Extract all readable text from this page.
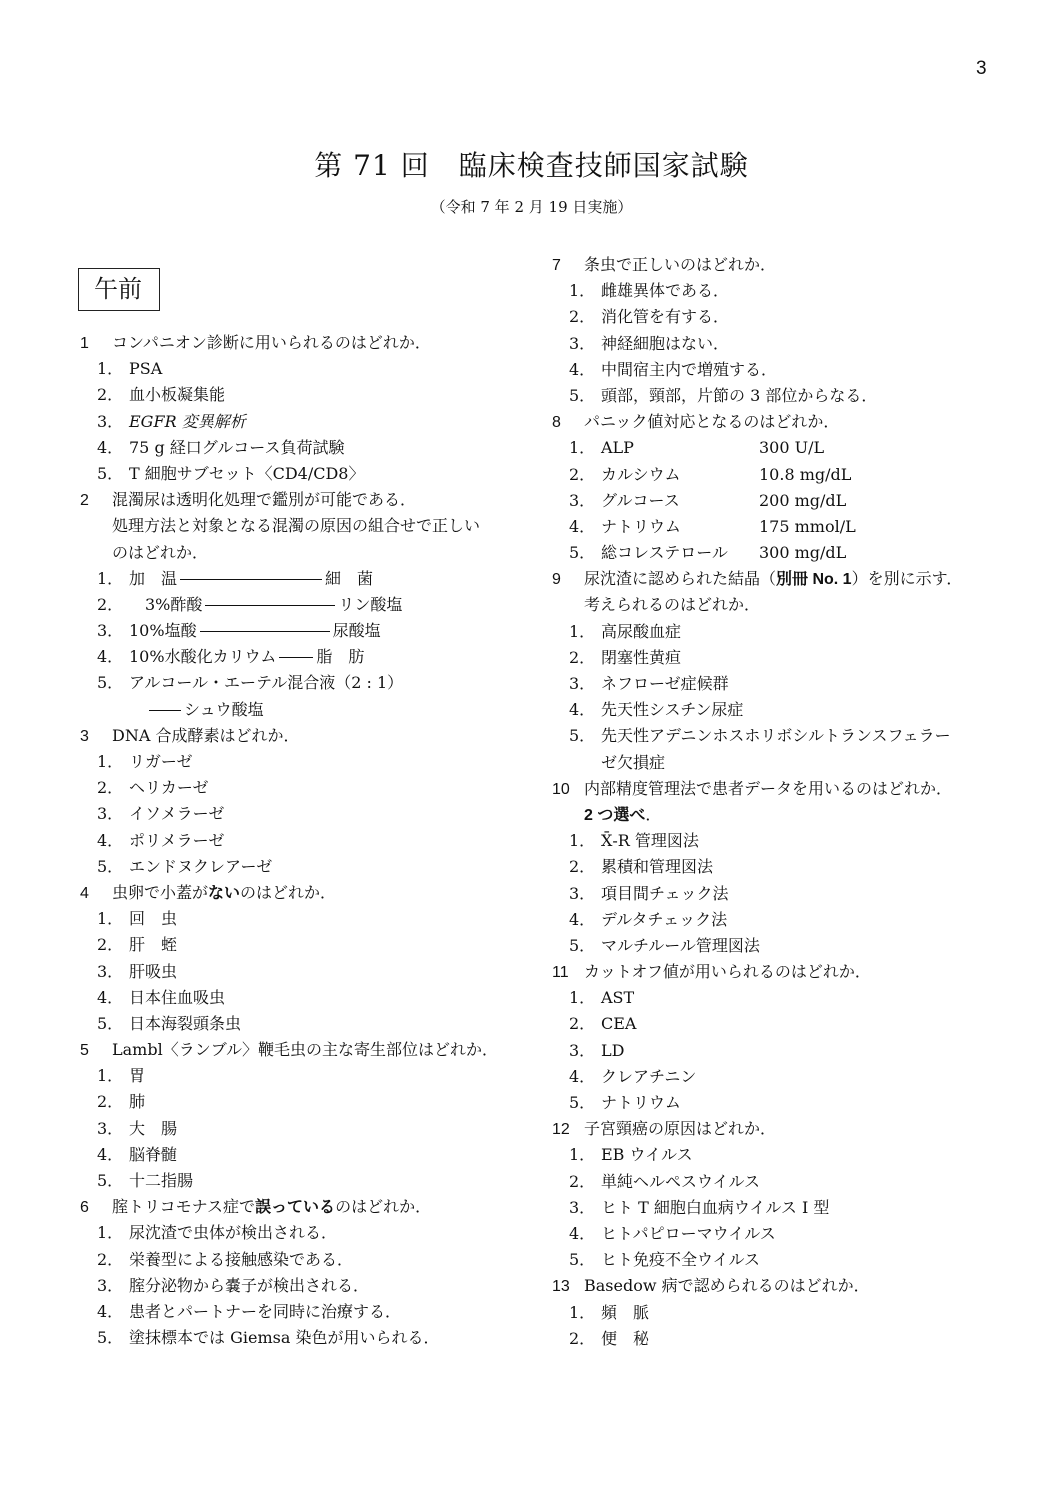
3
第 71 回　臨床検査技師国家試験
（令和 7 年 2 月 19 日実施）
午前
1 コンパニオン診断に用いられるのはどれか．
1． PSA
2． 血小板凝集能
3． EGFR 変異解析
4． 75 g 経口グルコース負荷試験
5． T 細胞サブセット〈CD4/CD8〉
2 混濁尿は透明化処理で鑑別が可能である．
処理方法と対象となる混濁の原因の組合せで正しい
のはどれか．
1． 加　温	細　菌
2．　3%酢酸	リン酸塩
3． 10%塩酸	尿酸塩
4． 10%水酸化カリウム	脂　肪
5． アルコール・エーテル混合液（2 : 1）
シュウ酸塩
3 DNA 合成酵素はどれか．
1． リガーゼ
2． ヘリカーゼ
3． イソメラーゼ
4． ポリメラーゼ
5． エンドヌクレアーゼ
4 虫卵で小蓋がないのはどれか．
1． 回　虫
2． 肝　蛭
3． 肝吸虫
4． 日本住血吸虫
5． 日本海裂頭条虫
5 Lambl〈ランブル〉鞭毛虫の主な寄生部位はどれか．
1． 胃
2． 肺
3． 大　腸
4． 脳脊髄
5． 十二指腸
6 腟トリコモナス症で誤っているのはどれか．
1． 尿沈渣で虫体が検出される．
2． 栄養型による接触感染である．
3． 腟分泌物から嚢子が検出される．
4． 患者とパートナーを同時に治療する．
5． 塗抹標本では Giemsa 染色が用いられる．
7 条虫で正しいのはどれか．
1． 雌雄異体である．
2． 消化管を有する．
3． 神経細胞はない．
4． 中間宿主内で増殖する．
5． 頭部，頸部，片節の 3 部位からなる．
8 パニック値対応となるのはどれか．
1． ALP	300 U/L
2． カルシウム	10.8 mg/dL
3． グルコース	200 mg/dL
4． ナトリウム	175 mmol/L
5． 総コレステロール 300 mg/dL
9 尿沈渣に認められた結晶（別冊 No. 1）を別に示す．
考えられるのはどれか．
1． 高尿酸血症
2． 閉塞性黄疸
3． ネフローゼ症候群
4． 先天性シスチン尿症
5． 先天性アデニンホスホリボシルトランスフェラー
ゼ欠損症
10 内部精度管理法で患者データを用いるのはどれか．
2 つ選べ．
1． X̄-R 管理図法
2． 累積和管理図法
3． 項目間チェック法
4． デルタチェック法
5． マルチルール管理図法
11 カットオフ値が用いられるのはどれか．
1． AST
2． CEA
3． LD
4． クレアチニン
5． ナトリウム
12 子宮頸癌の原因はどれか．
1． EB ウイルス
2． 単純ヘルペスウイルス
3． ヒト T 細胞白血病ウイルス I 型
4． ヒトパピローマウイルス
5． ヒト免疫不全ウイルス
13 Basedow 病で認められるのはどれか．
1． 頻　脈
2． 便　秘
